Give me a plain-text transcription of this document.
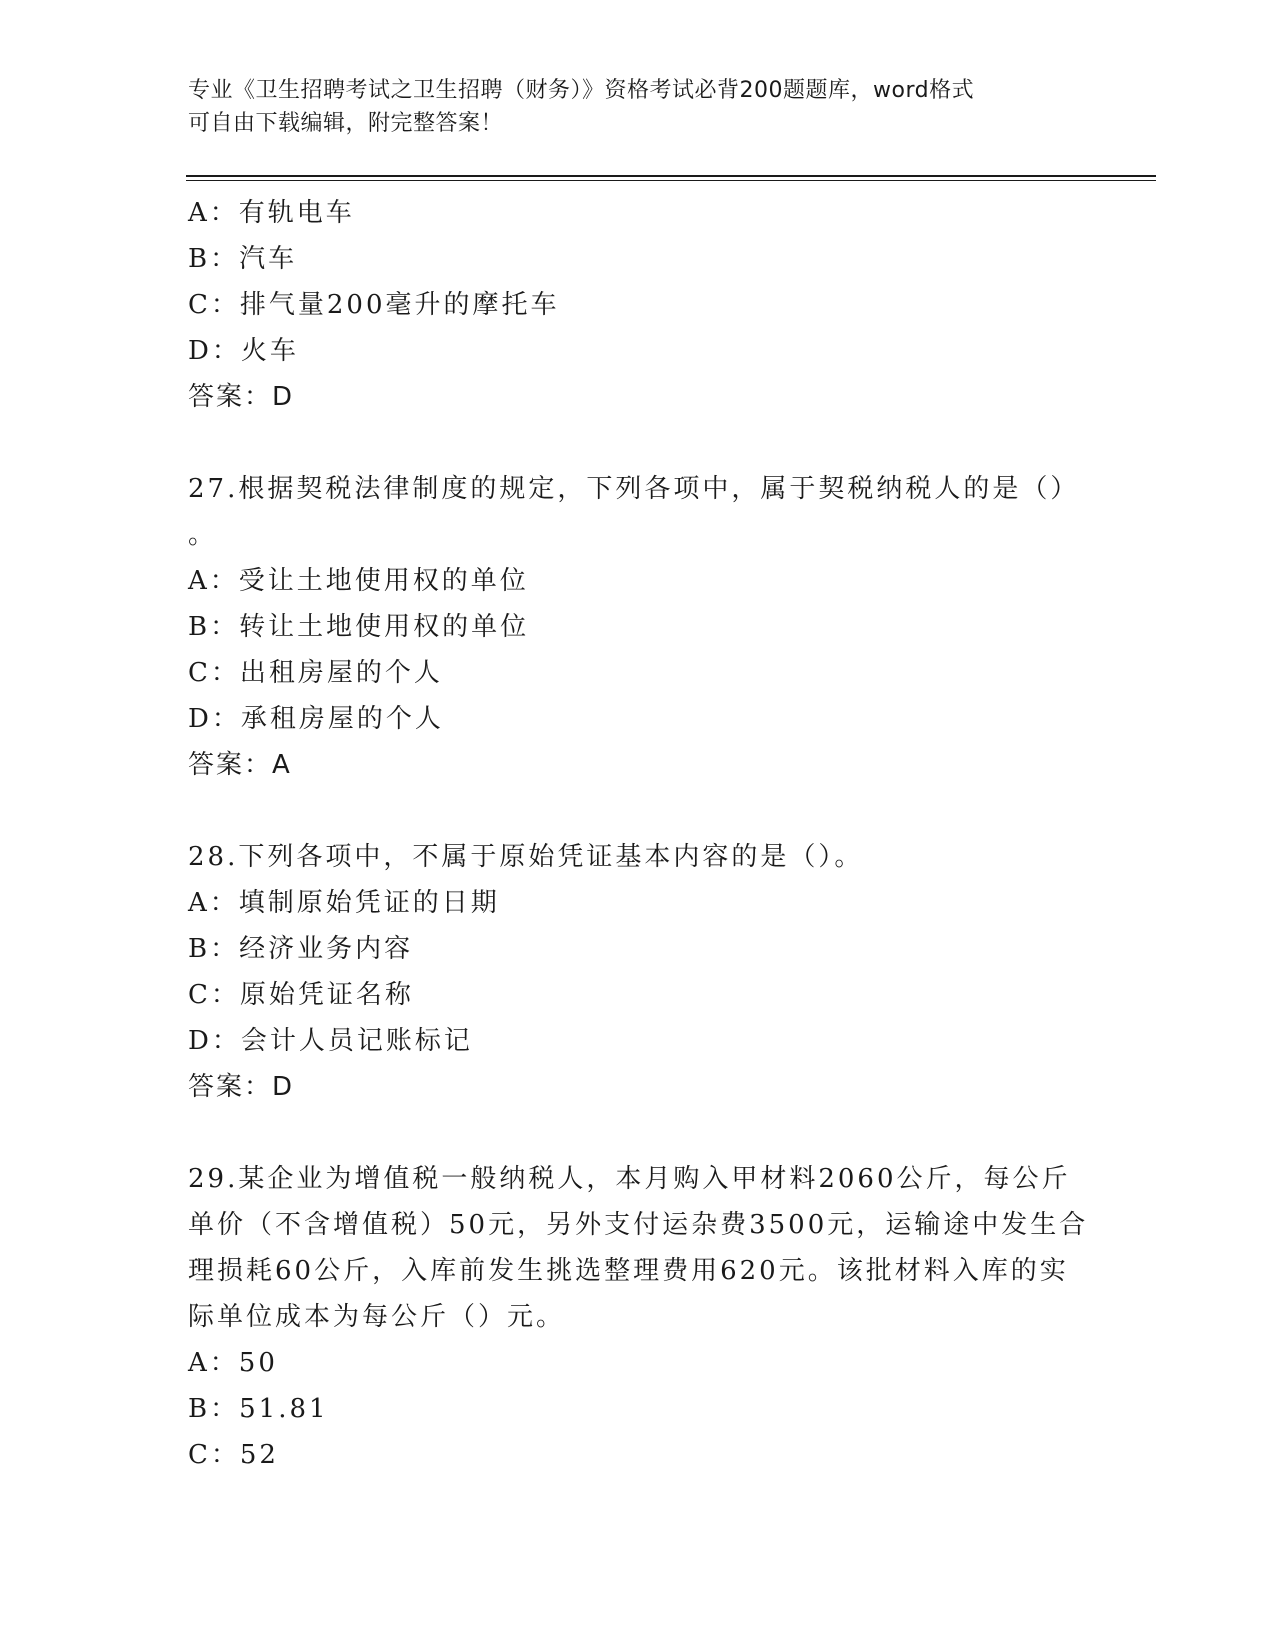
专业《卫生招聘考试之卫生招聘（财务）》资格考试必背200题题库，word格式
可自由下载编辑，附完整答案！
A：有轨电车
B：汽车
C：排气量200毫升的摩托车
D：火车
答案：D
27.根据契税法律制度的规定，下列各项中，属于契税纳税人的是（）
。
A：受让土地使用权的单位
B：转让土地使用权的单位
C：出租房屋的个人
D：承租房屋的个人
答案：A
28.下列各项中，不属于原始凭证基本内容的是（）。
A：填制原始凭证的日期
B：经济业务内容
C：原始凭证名称
D：会计人员记账标记
答案：D
29.某企业为增值税一般纳税人，本月购入甲材料2060公斤，每公斤
单价（不含增值税）50元，另外支付运杂费3500元，运输途中发生合
理损耗60公斤，入库前发生挑选整理费用620元。该批材料入库的实
际单位成本为每公斤（）元。
A：50
B：51.81
C：52
